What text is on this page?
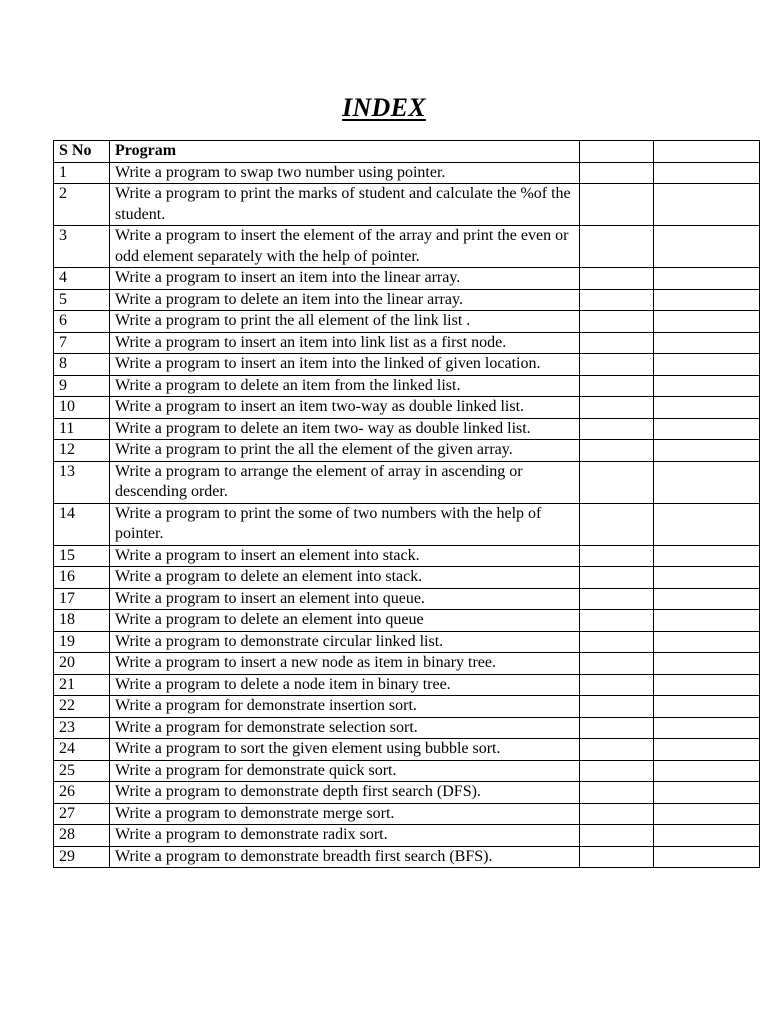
INDEX
S No	Program		
1	Write a program to swap two number using pointer.		
2	Write a program to print the marks of student and calculate the %of the student.		
3	Write a program to insert the element of the array and print the even or odd element separately with the help of pointer.		
4	Write a program to insert an item into the linear array.		
5	Write a program to delete an item into the linear array.		
6	Write a program to print the all element of the link list .		
7	Write a program to insert an item into link list as a first node.		
8	Write a program to insert an item into the linked of given location.		
9	Write a program to delete an item from the linked list.		
10	Write a program to insert an item two-way as double linked list.		
11	Write a program to delete an item two- way as double linked list.		
12	Write a program to print the all the element of the given array.		
13	Write a program to arrange the element of array in ascending or descending order.		
14	Write a program to print the some of two numbers with the help of pointer.		
15	Write a program to insert an element into stack.		
16	Write a program to delete an element into stack.		
17	Write a program to insert an element into queue.		
18	Write a program to delete an element into queue		
19	Write a program to demonstrate circular linked list.		
20	Write a program to insert a new node as item in binary tree.		
21	Write a program to delete a node item in binary tree.		
22	Write a program for demonstrate insertion sort.		
23	Write a program for demonstrate selection sort.		
24	Write a program to sort the given element using bubble sort.		
25	Write a program for demonstrate quick sort.		
26	Write a program to demonstrate depth first search (DFS).		
27	Write a program to demonstrate merge sort.		
28	Write a program to demonstrate radix sort.		
29	Write a program to demonstrate breadth first search (BFS).		
